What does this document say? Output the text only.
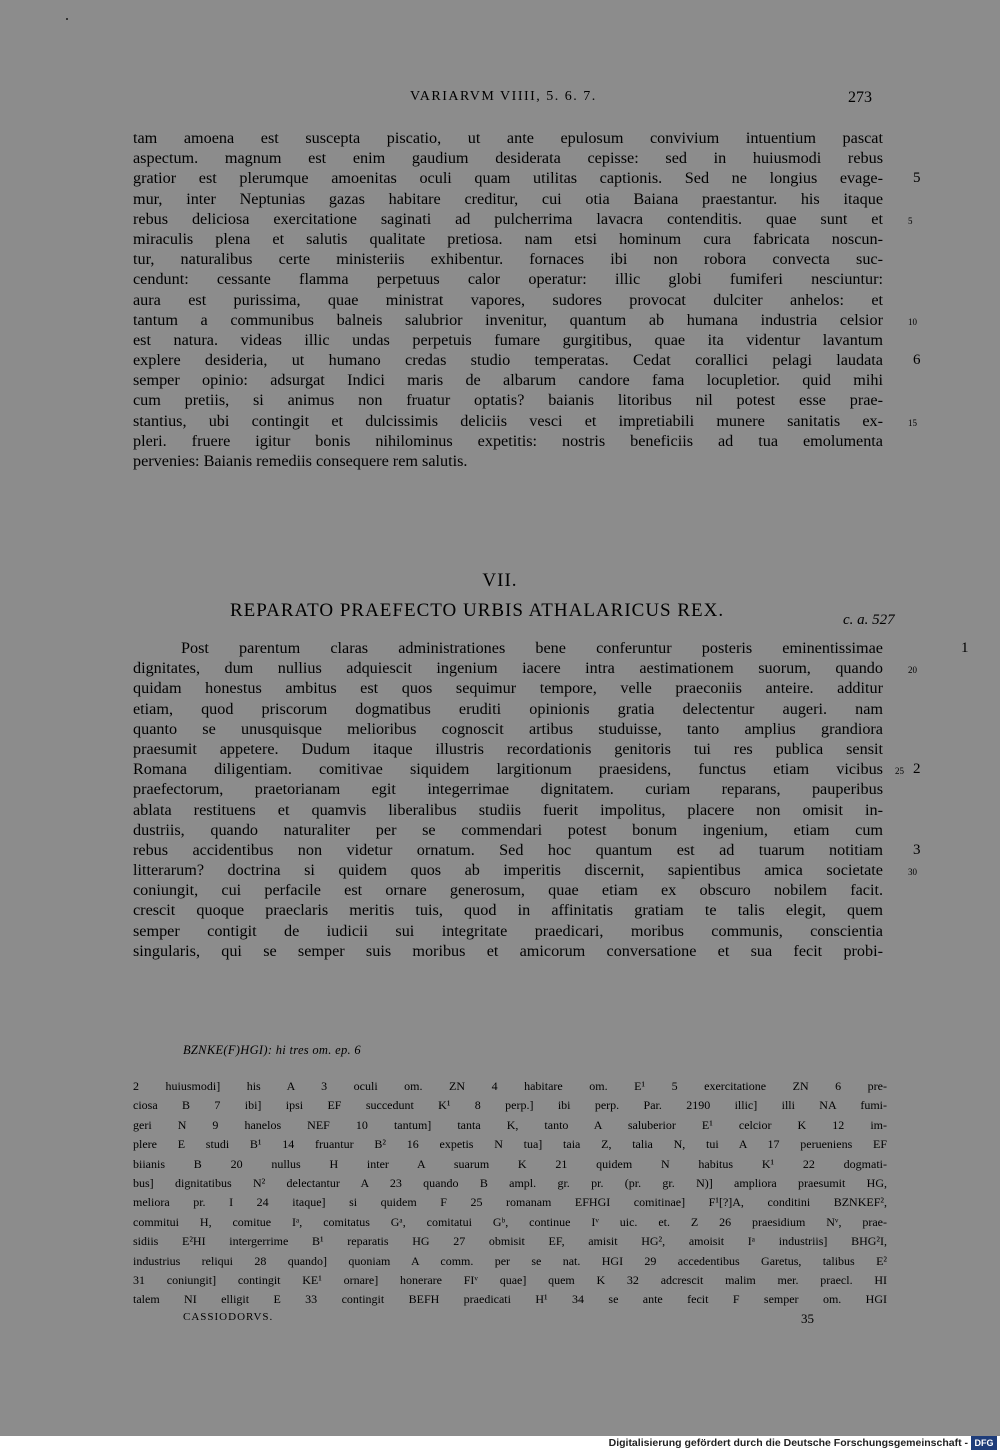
VARIARVM VIIII, 5. 6. 7.	273
tam amoena est suscepta piscatio, ut ante epulosum convivium intuentium pascat
aspectum. magnum est enim gaudium desiderata cepisse: sed in huiusmodi rebus
gratior est plerumque amoenitas oculi quam utilitas captionis. Sed ne longius evage- 5
mur, inter Neptunias gazas habitare creditur, cui otia Baiana praestantur. his itaque
rebus deliciosa exercitatione saginati ad pulcherrima lavacra contenditis. quae sunt et	5
miraculis plena et salutis qualitate pretiosa. nam etsi hominum cura fabricata noscun-
tur, naturalibus certe ministeriis exhibentur. fornaces ibi non robora convecta suc-
cendunt: cessante flamma perpetuus calor operatur: illic globi fumiferi nesciuntur:
aura est purissima, quae ministrat vapores, sudores provocat dulciter anhelos: et
tantum a communibus balneis salubrior invenitur, quantum ab humana industria celsior	10
est natura. videas illic undas perpetuis fumare gurgitibus, quae ita videntur lavantum
explere desideria, ut humano credas studio temperatas. Cedat corallici pelagi laudata 6
semper opinio: adsurgat Indici maris de albarum candore fama locupletior. quid mihi
cum pretiis, si animus non fruatur optatis? baianis litoribus nil potest esse prae-
stantius, ubi contingit et dulcissimis deliciis vesci et impretiabili munere sanitatis ex-	15
pleri. fruere igitur bonis nihilominus expetitis: nostris beneficiis ad tua emolumenta
pervenies: Baianis remediis consequere rem salutis.
VII.
REPARATO PRAEFECTO URBIS ATHALARICUS REX.	c. a. 527
Post parentum claras administrationes bene conferuntur posteris eminentissimae	1
dignitates, dum nullius adquiescit ingenium iacere intra aestimationem suorum, quando	20
quidam honestus ambitus est quos sequimur tempore, velle praeconiis anteire. additur
etiam, quod priscorum dogmatibus eruditi opinionis gratia delectentur augeri. nam
quanto se unusquisque melioribus cognoscit artibus studuisse, tanto amplius grandiora
praesumit appetere. Dudum itaque illustris recordationis genitoris tui res publica sensit
Romana diligentiam. comitivae siquidem largitionum praesidens, functus etiam vicibus 25 2
praefectorum, praetorianam egit integerrimae dignitatem. curiam reparans, pauperibus
ablata restituens et quamvis liberalibus studiis fuerit impolitus, placere non omisit in-
dustriis, quando naturaliter per se commendari potest bonum ingenium, etiam cum
rebus accidentibus non videtur ornatum. Sed hoc quantum est ad tuarum notitiam 3
litterarum? doctrina si quidem quos ab imperitis discernit, sapientibus amica societate	30
coniungit, cui perfacile est ornare generosum, quae etiam ex obscuro nobilem facit.
crescit quoque praeclaris meritis tuis, quod in affinitatis gratiam te talis elegit, quem
semper contigit de iudicii sui integritate praedicari, moribus communis, conscientia
singularis, qui se semper suis moribus et amicorum conversatione et sua fecit probi-
BZNKE(F)HGI): hi tres om. ep. 6
2 huiusmodi] his A 3 oculi om. ZN 4 habitare om. E¹ 5 exercitatione ZN 6 pre-
ciosa B 7 ibi] ipsi EF succedunt K¹ 8 perp.] ibi perp. Par. 2190 illic] illi NA fumi-
geri N 9 hanelos NEF 10 tantum] tanta K, tanto A saluberior E¹ celcior K 12 im-
plere E studi B¹ 14 fruantur B² 16 expetis N tua] taia Z, talia N, tui A 17 perueniens EF
biianis B 20 nullus H inter A suarum K 21 quidem N habitus K¹ 22 dogmati-
bus] dignitatibus N² delectantur A 23 quando B ampl. gr. pr. (pr. gr. N)] ampliora praesumit HG,
meliora pr. I 24 itaque] si quidem F 25 romanam EFHGI comitinae] F¹[?]A, conditini BZNKEF²,
commitui H, comitue Iᵃ, comitatus Gᵃ, comitatui Gᵇ, continue Iᵛ uic. et. Z 26 praesidium Nᵛ, prae-
sidiis E²HI intergerrime B¹ reparatis HG 27 obmisit EF, amisit HG², amoisit Iᵃ industriis] BHG²I,
industrius reliqui 28 quando] quoniam A comm. per se nat. HGI 29 accedentibus Garetus, talibus E²
31 coniungit] contingit KE¹ ornare] honerare FIᵛ quae] quem K 32 adcrescit malim mer. praecl. HI
talem NI elligit E 33 contingit BEFH praedicati H¹ 34 se ante fecit F semper om. HGI
CASSIODORVS.	35
Digitalisierung gefördert durch die Deutsche Forschungsgemeinschaft - DFG
